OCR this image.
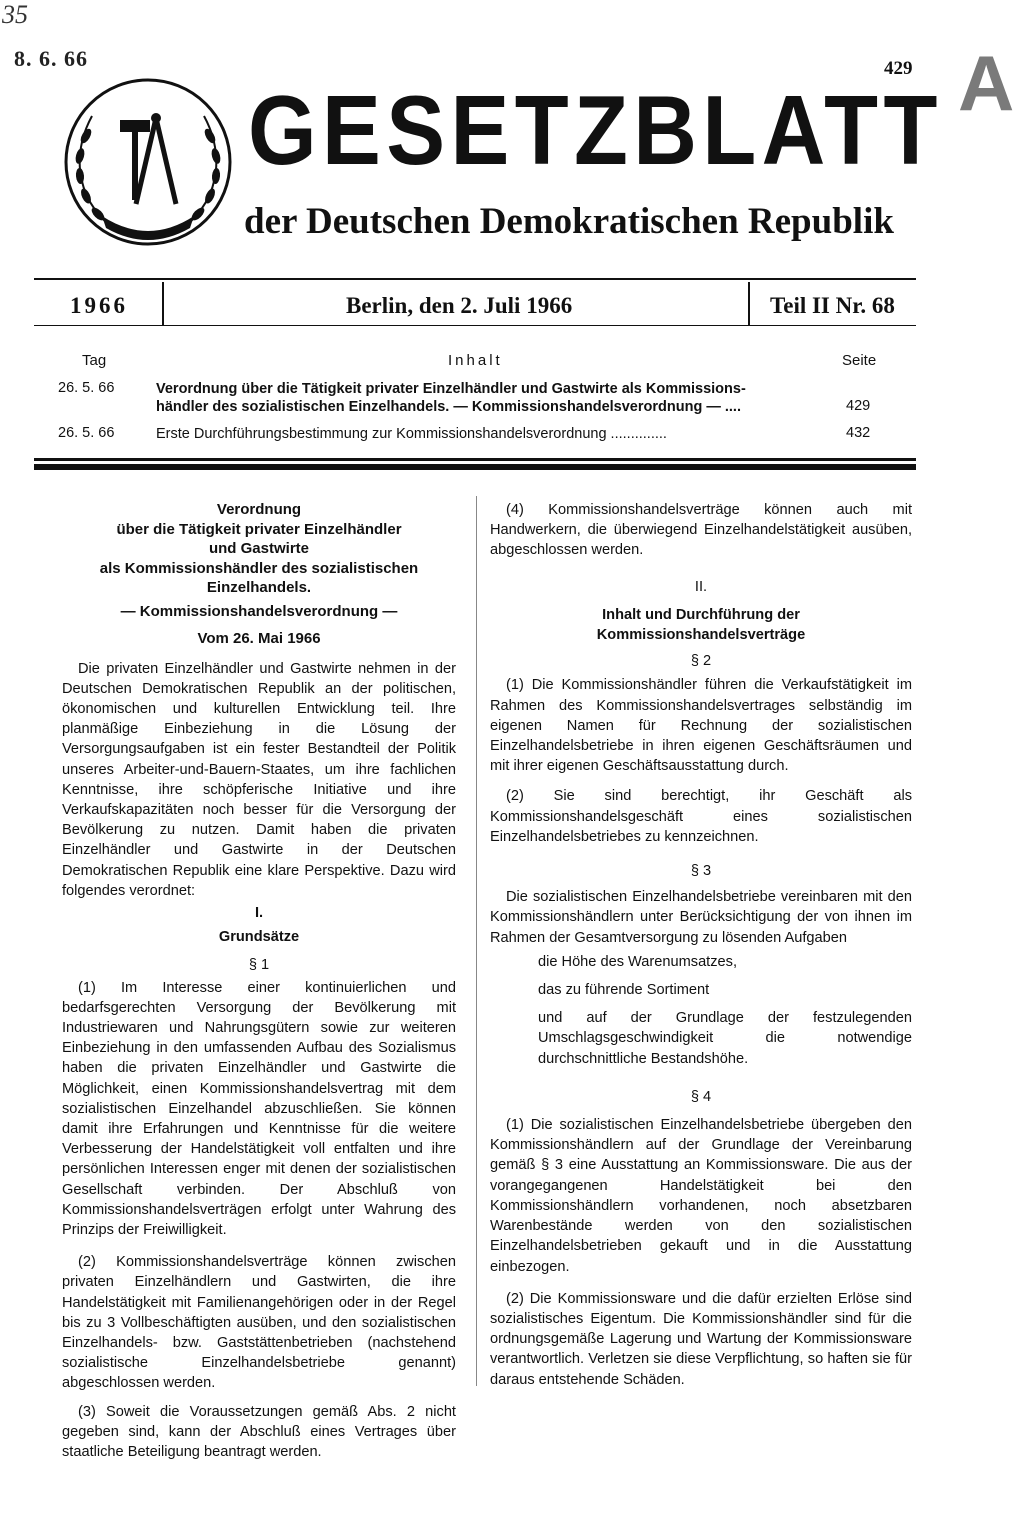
35
8. 6. 66	429 A
GESETZBLATT
der Deutschen Demokratischen Republik
1966	Berlin, den 2. Juli 1966	Teil II Nr. 68
Tag	Inhalt	Seite
26. 5. 66	Verordnung über die Tätigkeit privater Einzelhändler und Gastwirte als Kommissions-
händler des sozialistischen Einzelhandels. — Kommissionshandelsverordnung — ....	429
26. 5. 66	Erste Durchführungsbestimmung zur Kommissionshandelsverordnung ..............	432
Verordnung
über die Tätigkeit privater Einzelhändler
und Gastwirte
als Kommissionshändler des sozialistischen
Einzelhandels.
— Kommissionshandelsverordnung —
Vom 26. Mai 1966

Die privaten Einzelhändler und Gastwirte nehmen in der Deutschen Demokratischen Republik an der politischen, ökonomischen und kulturellen Entwicklung teil. Ihre planmäßige Einbeziehung in die Lösung der Versorgungsaufgaben ist ein fester Bestandteil der Politik unseres Arbeiter-und-Bauern-Staates, um ihre fachlichen Kenntnisse, ihre schöpferische Initiative und ihre Verkaufskapazitäten noch besser für die Versorgung der Bevölkerung zu nutzen. Damit haben die privaten Einzelhändler und Gastwirte in der Deutschen Demokratischen Republik eine klare Perspektive. Dazu wird folgendes verordnet:

I.
Grundsätze
§ 1

(1) Im Interesse einer kontinuierlichen und bedarfsgerechten Versorgung der Bevölkerung mit Industriewaren und Nahrungsgütern sowie zur weiteren Einbeziehung in den umfassenden Aufbau des Sozialismus haben die privaten Einzelhändler und Gastwirte die Möglichkeit, einen Kommissionshandelsvertrag mit dem sozialistischen Einzelhandel abzuschließen. Sie können damit ihre Erfahrungen und Kenntnisse für die weitere Verbesserung der Handelstätigkeit voll entfalten und ihre persönlichen Interessen enger mit denen der sozialistischen Gesellschaft verbinden. Der Abschluß von Kommissionshandelsverträgen erfolgt unter Wahrung des Prinzips der Freiwilligkeit.

(2) Kommissionshandelsverträge können zwischen privaten Einzelhändlern und Gastwirten, die ihre Handelstätigkeit mit Familienangehörigen oder in der Regel bis zu 3 Vollbeschäftigten ausüben, und den sozialistischen Einzelhandels- bzw. Gaststättenbetrieben (nachstehend sozialistische Einzelhandelsbetriebe genannt) abgeschlossen werden.

(3) Soweit die Voraussetzungen gemäß Abs. 2 nicht gegeben sind, kann der Abschluß eines Vertrages über staatliche Beteiligung beantragt werden.

(4) Kommissionshandelsverträge können auch mit Handwerkern, die überwiegend Einzelhandelstätigkeit ausüben, abgeschlossen werden.

II.
Inhalt und Durchführung der
Kommissionshandelsverträge
§ 2

(1) Die Kommissionshändler führen die Verkaufstätigkeit im Rahmen des Kommissionshandelsvertrages selbständig im eigenen Namen für Rechnung der sozialistischen Einzelhandelsbetriebe in ihren eigenen Geschäftsräumen und mit ihrer eigenen Geschäftsausstattung durch.

(2) Sie sind berechtigt, ihr Geschäft als Kommissionshandelsgeschäft eines sozialistischen Einzelhandelsbetriebes zu kennzeichnen.

§ 3

Die sozialistischen Einzelhandelsbetriebe vereinbaren mit den Kommissionshändlern unter Berücksichtigung der von ihnen im Rahmen der Gesamtversorgung zu lösenden Aufgaben

die Höhe des Warenumsatzes,

das zu führende Sortiment

und auf der Grundlage der festzulegenden Umschlagsgeschwindigkeit die notwendige durchschnittliche Bestandshöhe.

§ 4

(1) Die sozialistischen Einzelhandelsbetriebe übergeben den Kommissionshändlern auf der Grundlage der Vereinbarung gemäß § 3 eine Ausstattung an Kommissionsware. Die aus der vorangegangenen Handelstätigkeit bei den Kommissionshändlern vorhandenen, noch absetzbaren Warenbestände werden von den sozialistischen Einzelhandelsbetrieben gekauft und in die Ausstattung einbezogen.

(2) Die Kommissionsware und die dafür erzielten Erlöse sind sozialistisches Eigentum. Die Kommissionshändler sind für die ordnungsgemäße Lagerung und Wartung der Kommissionsware verantwortlich. Verletzen sie diese Verpflichtung, so haften sie für daraus entstehende Schäden.
